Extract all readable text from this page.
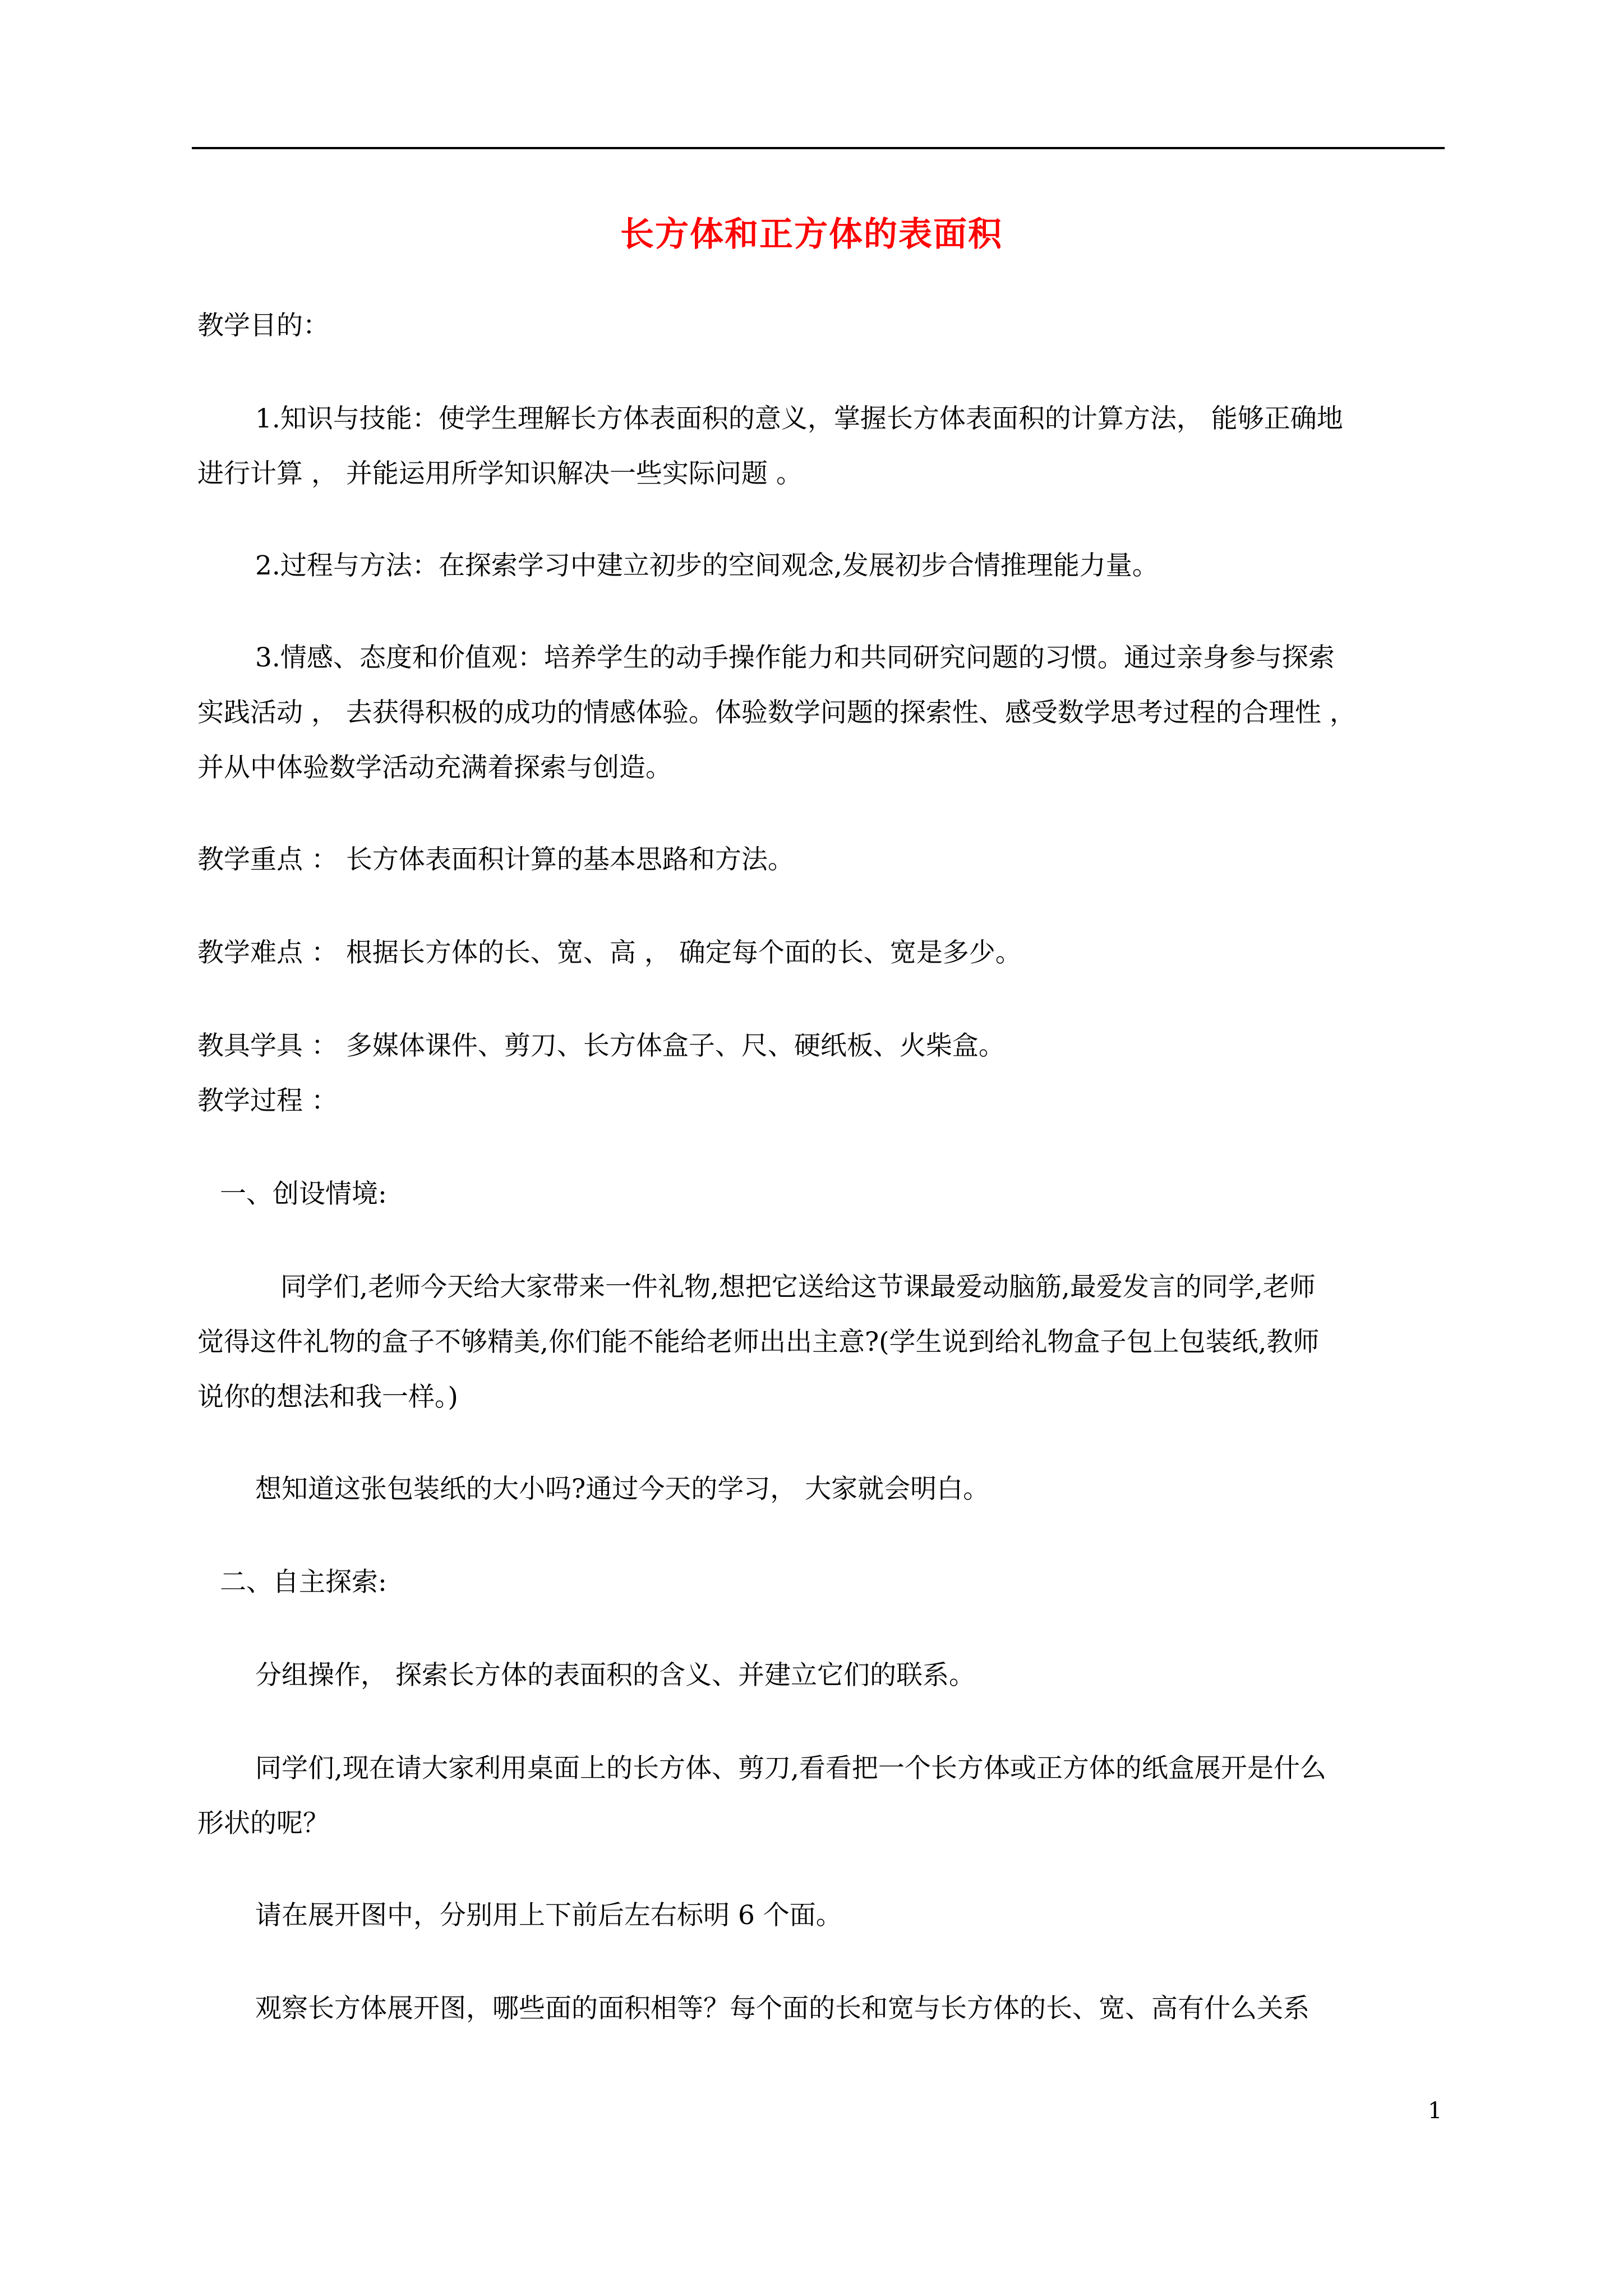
长方体和正方体的表面积
教学目的：
1.知识与技能：使学生理解长方体表面积的意义，掌握长方体表面积的计算方法， 能够正确地
进行计算 ， 并能运用所学知识解决一些实际问题 。
2.过程与方法：在探索学习中建立初步的空间观念,发展初步合情推理能力量。
3.情感、态度和价值观：培养学生的动手操作能力和共同研究问题的习惯。通过亲身参与探索
实践活动 ， 去获得积极的成功的情感体验。体验数学问题的探索性、感受数学思考过程的合理性 ，
并从中体验数学活动充满着探索与创造。
教学重点 ： 长方体表面积计算的基本思路和方法。
教学难点 ： 根据长方体的长、宽、高 ， 确定每个面的长、宽是多少。
教具学具 ： 多媒体课件、剪刀、长方体盒子、尺、硬纸板、火柴盒。
教学过程 ：
一、创设情境:
同学们,老师今天给大家带来一件礼物,想把它送给这节课最爱动脑筋,最爱发言的同学,老师
觉得这件礼物的盒子不够精美,你们能不能给老师出出主意?(学生说到给礼物盒子包上包装纸,教师
说你的想法和我一样。)
想知道这张包装纸的大小吗?通过今天的学习， 大家就会明白。
二、自主探索:
分组操作， 探索长方体的表面积的含义、并建立它们的联系。
同学们,现在请大家利用桌面上的长方体、剪刀,看看把一个长方体或正方体的纸盒展开是什么
形状的呢？
请在展开图中，分别用上下前后左右标明 6 个面。
观察长方体展开图，哪些面的面积相等？每个面的长和宽与长方体的长、宽、高有什么关系
1
